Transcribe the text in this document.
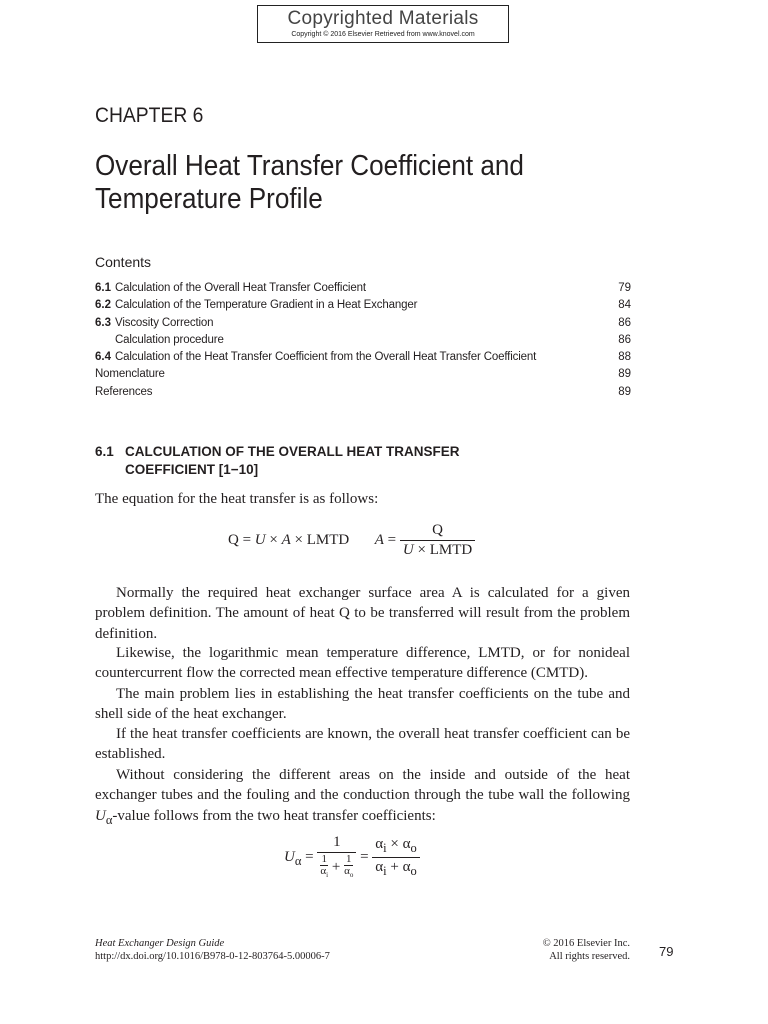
Copyrighted Materials
Copyright © 2016 Elsevier Retrieved from www.knovel.com
CHAPTER 6
Overall Heat Transfer Coefficient and
Temperature Profile
Contents
6.1 Calculation of the Overall Heat Transfer Coefficient	79
6.2 Calculation of the Temperature Gradient in a Heat Exchanger	84
6.3 Viscosity Correction	86
Calculation procedure	86
6.4 Calculation of the Heat Transfer Coefficient from the Overall Heat Transfer Coefficient	88
Nomenclature	89
References	89
6.1 CALCULATION OF THE OVERALL HEAT TRANSFER
COEFFICIENT [1−10]
The equation for the heat transfer is as follows:
Q = U × A × LMTD $A = \frac{Q}{\text{U × LMTD}}$
Normally the required heat exchanger surface area A is calculated for a given problem definition. The amount of heat Q to be transferred will result from the problem definition.
Likewise, the logarithmic mean temperature difference, LMTD, or for nonideal countercurrent flow the corrected mean effective temperature difference (CMTD).
The main problem lies in establishing the heat transfer coefficients on the tube and shell side of the heat exchanger.
If the heat transfer coefficients are known, the overall heat transfer coefficient can be established.
Without considering the different areas on the inside and outside of the heat exchanger tubes and the fouling and the conduction through the tube wall the following $U_\alpha$-value follows from the two heat transfer coefficients:
$U_\alpha = \frac{1}{\frac{1}{\alpha_i} + \frac{1}{\alpha_o}} = \frac{\alpha_i \times \alpha_o}{\alpha_i + \alpha_o}$
Heat Exchanger Design Guide
http://dx.doi.org/10.1016/B978-0-12-803764-5.00006-7
© 2016 Elsevier Inc.
All rights reserved. 79
